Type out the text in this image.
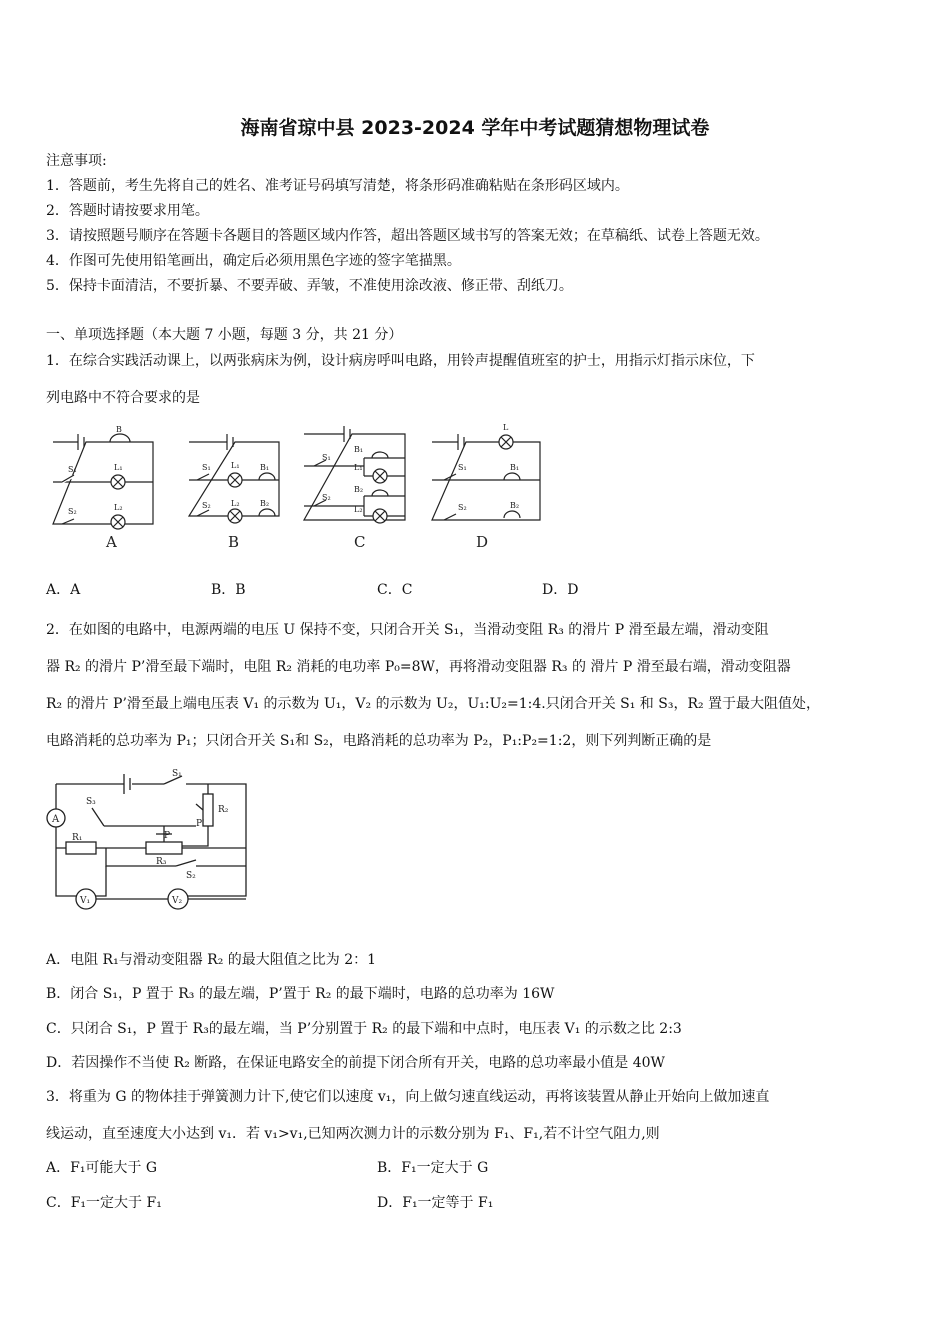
海南省琼中县 2023-2024 学年中考试题猜想物理试卷
注意事项:
1．答题前，考生先将自己的姓名、准考证号码填写清楚，将条形码准确粘贴在条形码区域内。
2．答题时请按要求用笔。
3．请按照题号顺序在答题卡各题目的答题区域内作答，超出答题区域书写的答案无效；在草稿纸、试卷上答题无效。
4．作图可先使用铅笔画出，确定后必须用黑色字迹的签字笔描黑。
5．保持卡面清洁，不要折暴、不要弄破、弄皱，不准使用涂改液、修正带、刮纸刀。
一、单项选择题（本大题 7 小题，每题 3 分，共 21 分）
1．在综合实践活动课上，以两张病床为例，设计病房呼叫电路，用铃声提醒值班室的护士，用指示灯指示床位，下
列电路中不符合要求的是
B
S₁	L₁
S₂	L₂
S₁	L₁	B₁
S₂	L₂	B₂
S₁
B₁
L₁
S₂
B₂
L₂
L
S₁	B₁
S₂	B₂
A	B	C	D
A．A	B．B	C．C	D．D
2．在如图的电路中，电源两端的电压 U 保持不变，只闭合开关 S₁，当滑动变阻 R₃ 的滑片 P 滑至最左端，滑动变阻
器 R₂ 的滑片 P’滑至最下端时，电阻 R₂ 消耗的电功率 P₀=8W，再将滑动变阻器 R₃ 的 滑片 P 滑至最右端，滑动变阻器
R₂ 的滑片 P’滑至最上端电压表 V₁ 的示数为 U₁，V₂ 的示数为 U₂，U₁:U₂=1:4.只闭合开关 S₁ 和 S₃，R₂ 置于最大阻值处，
电路消耗的总功率为 P₁；只闭合开关 S₁和 S₂，电路消耗的总功率为 P₂，P₁:P₂=1:2，则下列判断正确的是
A
S₁
S₃
R₂
P'
R₁	P
R₃
S₂
V₁	V₂
A．电阻 R₁与滑动变阻器 R₂ 的最大阻值之比为 2：1
B．闭合 S₁，P 置于 R₃ 的最左端，P’置于 R₂ 的最下端时，电路的总功率为 16W
C．只闭合 S₁，P 置于 R₃的最左端，当 P’分别置于 R₂ 的最下端和中点时，电压表 V₁ 的示数之比 2:3
D．若因操作不当使 R₂ 断路，在保证电路安全的前提下闭合所有开关，电路的总功率最小值是 40W
3．将重为 G 的物体挂于弹簧测力计下,使它们以速度 v₁，向上做匀速直线运动，再将该装置从静止开始向上做加速直
线运动，直至速度大小达到 v₁．若 v₁>v₁,已知两次测力计的示数分别为 F₁、F₁,若不计空气阻力,则
A．F₁可能大于 G	B．F₁一定大于 G
C．F₁一定大于 F₁	D．F₁一定等于 F₁
